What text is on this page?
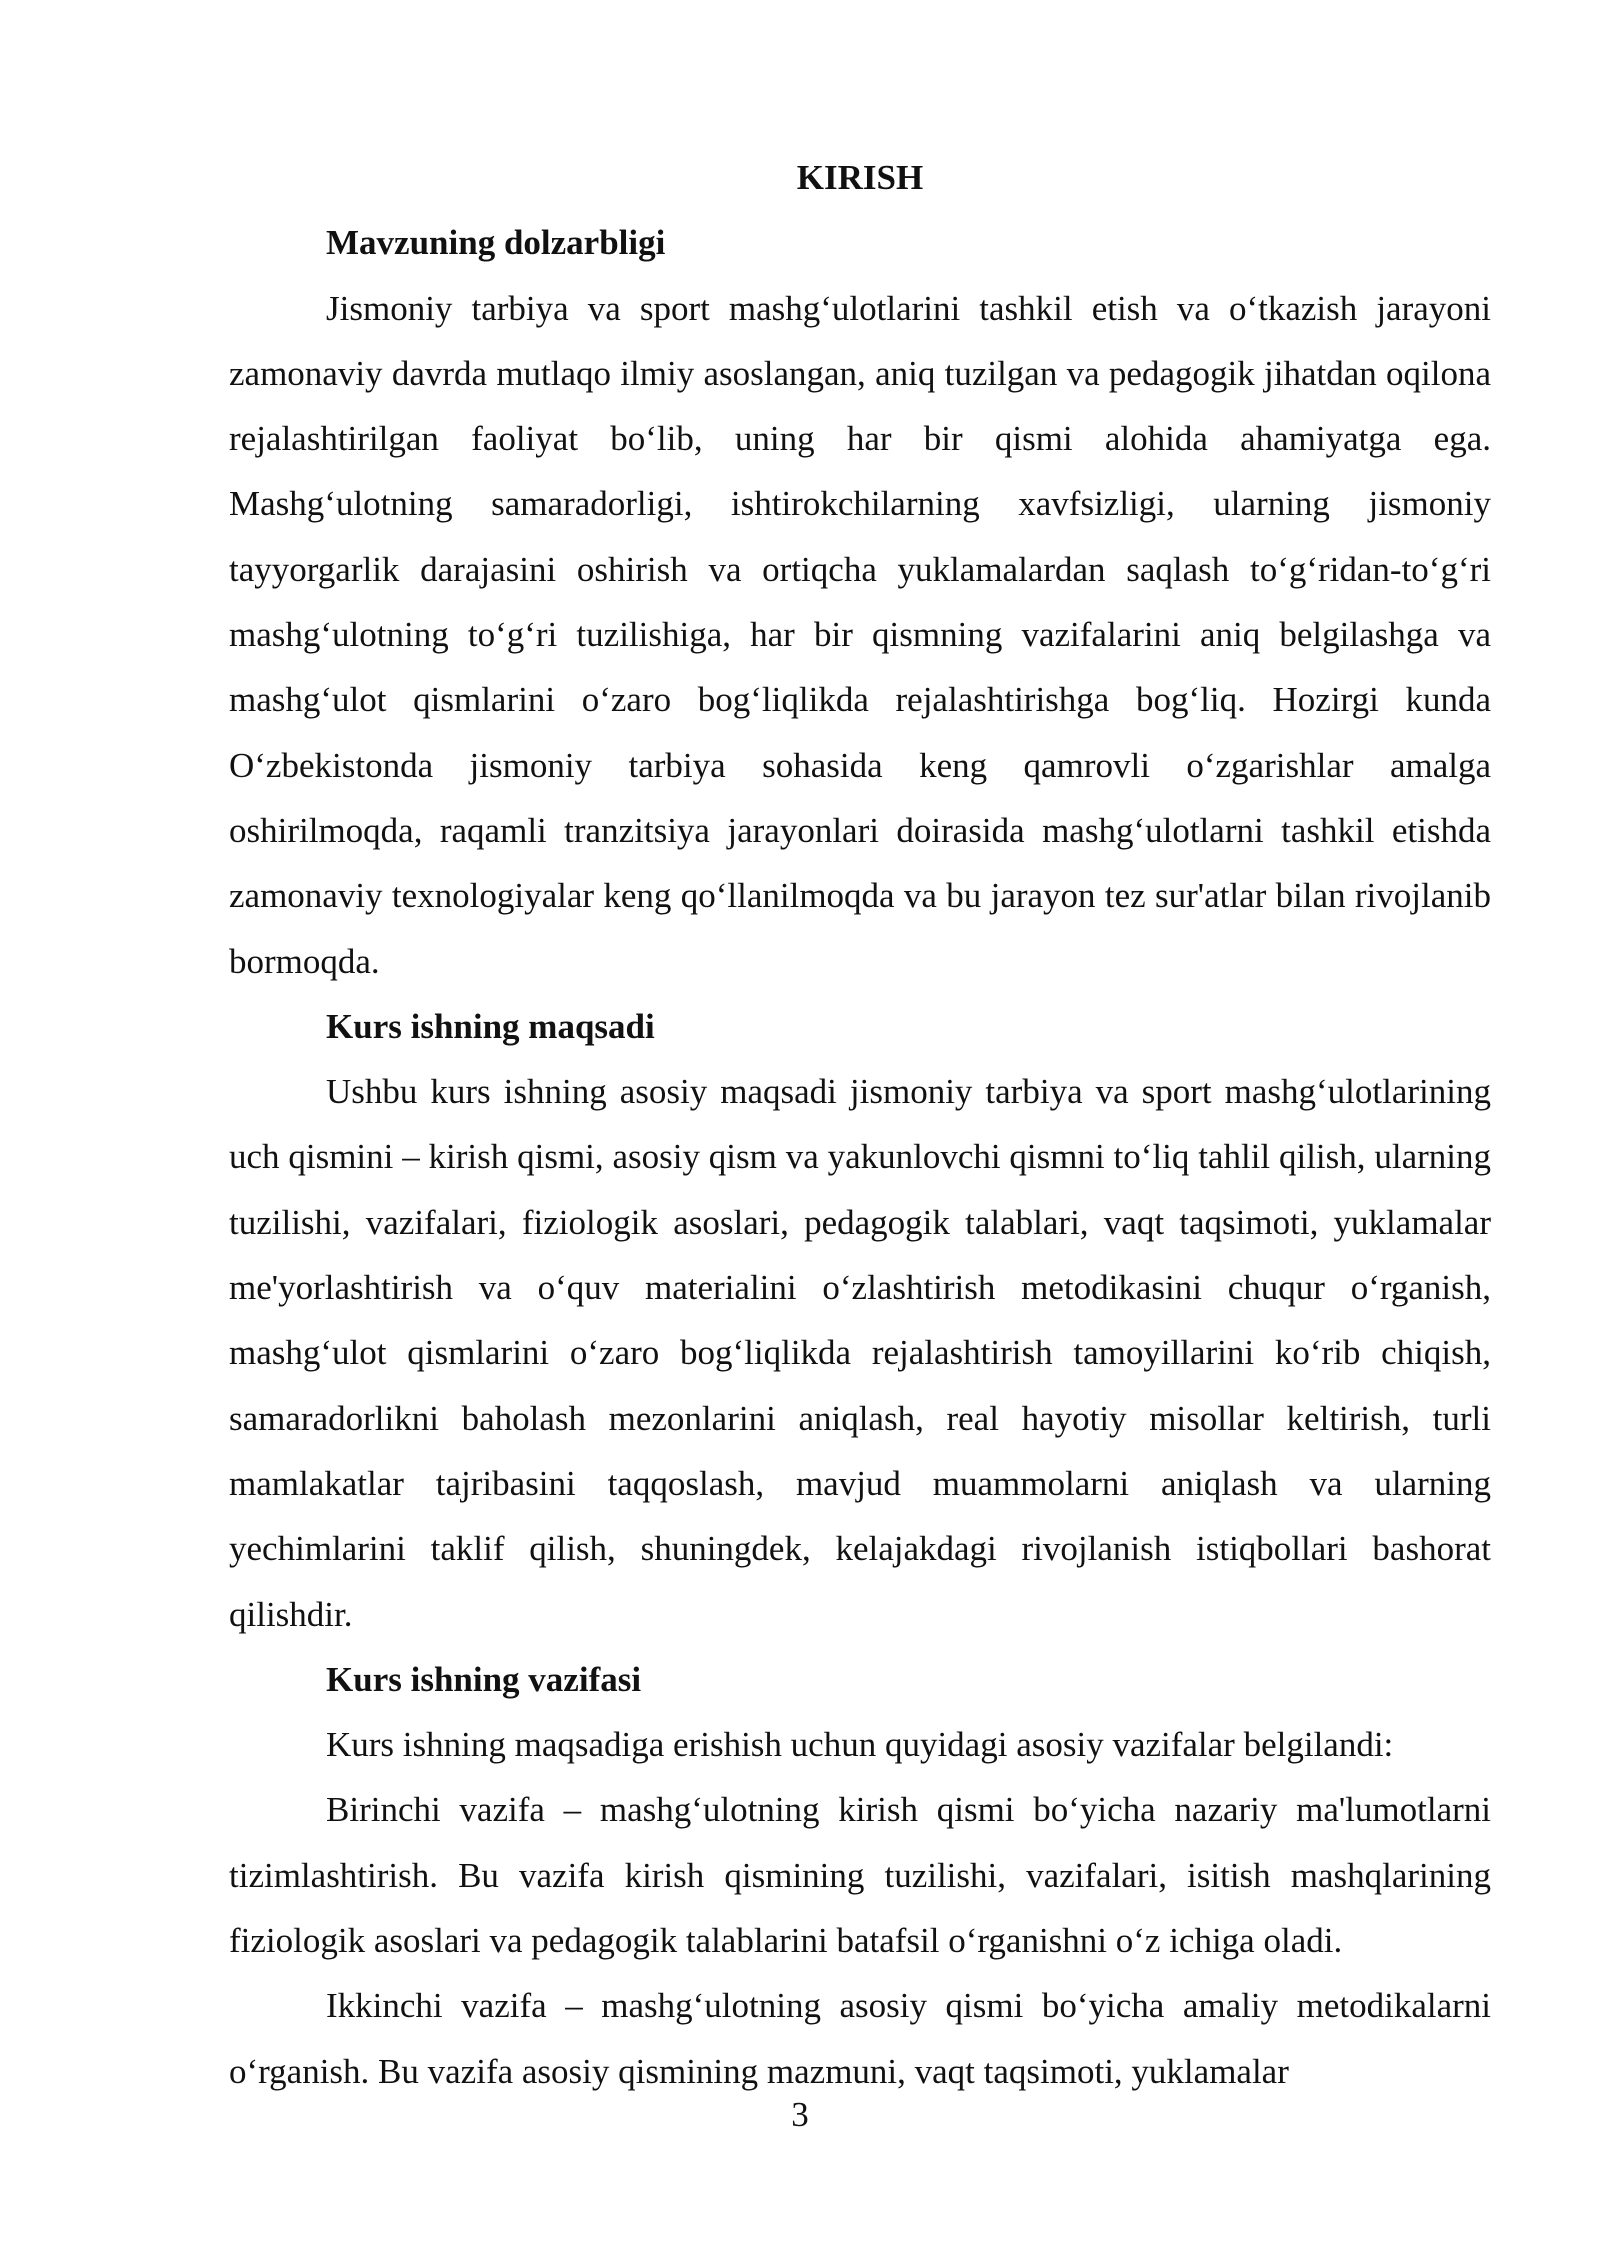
KIRISH

Mavzuning dolzarbligi

Jismoniy tarbiya va sport mashg‘ulotlarini tashkil etish va o‘tkazish jarayoni zamonaviy davrda mutlaqo ilmiy asoslangan, aniq tuzilgan va pedagogik jihatdan oqilona rejalashtirilgan faoliyat bo‘lib, uning har bir qismi alohida ahamiyatga ega. Mashg‘ulotning samaradorligi, ishtirokchilarning xavfsizligi, ularning jismoniy tayyorgarlik darajasini oshirish va ortiqcha yuklamalardan saqlash to‘g‘ridan-to‘g‘ri mashg‘ulotning to‘g‘ri tuzilishiga, har bir qismning vazifalarini aniq belgilashga va mashg‘ulot qismlarini o‘zaro bog‘liqlikda rejalashtirishga bog‘liq. Hozirgi kunda O‘zbekistonda jismoniy tarbiya sohasida keng qamrovli o‘zgarishlar amalga oshirilmoqda, raqamli tranzitsiya jarayonlari doirasida mashg‘ulotlarni tashkil etishda zamonaviy texnologiyalar keng qo‘llanilmoqda va bu jarayon tez sur'atlar bilan rivojlanib bormoqda.

Kurs ishning maqsadi

Ushbu kurs ishning asosiy maqsadi jismoniy tarbiya va sport mashg‘ulotlarining uch qismini – kirish qismi, asosiy qism va yakunlovchi qismni to‘liq tahlil qilish, ularning tuzilishi, vazifalari, fiziologik asoslari, pedagogik talablari, vaqt taqsimoti, yuklamalar me'yorlashtirish va o‘quv materialini o‘zlashtirish metodikasini chuqur o‘rganish, mashg‘ulot qismlarini o‘zaro bog‘liqlikda rejalashtirish tamoyillarini ko‘rib chiqish, samaradorlikni baholash mezonlarini aniqlash, real hayotiy misollar keltirish, turli mamlakatlar tajribasini taqqoslash, mavjud muammolarni aniqlash va ularning yechimlarini taklif qilish, shuningdek, kelajakdagi rivojlanish istiqbollari bashorat qilishdir.

Kurs ishning vazifasi

Kurs ishning maqsadiga erishish uchun quyidagi asosiy vazifalar belgilandi:

Birinchi vazifa – mashg‘ulotning kirish qismi bo‘yicha nazariy ma'lumotlarni tizimlashtirish. Bu vazifa kirish qismining tuzilishi, vazifalari, isitish mashqlarining fiziologik asoslari va pedagogik talablarini batafsil o‘rganishni o‘z ichiga oladi.

Ikkinchi vazifa – mashg‘ulotning asosiy qismi bo‘yicha amaliy metodikalarni o‘rganish. Bu vazifa asosiy qismining mazmuni, vaqt taqsimoti, yuklamalar

3
